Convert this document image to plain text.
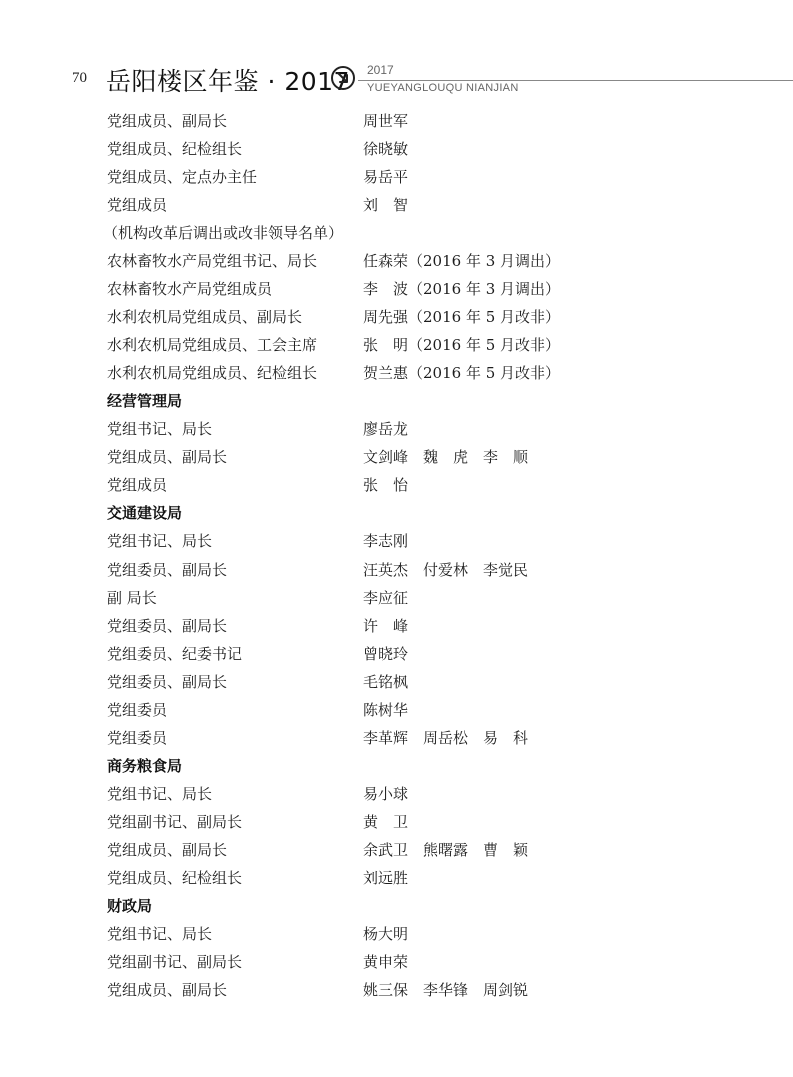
70 岳阳楼区年鉴 · 2017 2017
YUEYANGLOUQU NIANJIAN
党组成员、副局长	周世军
党组成员、纪检组长	徐晓敏
党组成员、定点办主任	易岳平
党组成员	刘　智
（机构改革后调出或改非领导名单）
农林畜牧水产局党组书记、局长	任森荣（2016 年 3 月调出）
农林畜牧水产局党组成员	李　波（2016 年 3 月调出）
水利农机局党组成员、副局长	周先强（2016 年 5 月改非）
水利农机局党组成员、工会主席	张　明（2016 年 5 月改非）
水利农机局党组成员、纪检组长	贺兰惠（2016 年 5 月改非）
经营管理局
党组书记、局长	廖岳龙
党组成员、副局长	文剑峰　魏　虎　李　顺
党组成员	张　怡
交通建设局
党组书记、局长	李志刚
党组委员、副局长	汪英杰　付爱林　李觉民
副 局长	李应征
党组委员、副局长	许　峰
党组委员、纪委书记	曾晓玲
党组委员、副局长	毛铭枫
党组委员	陈树华
党组委员	李革辉　周岳松　易　科
商务粮食局
党组书记、局长	易小球
党组副书记、副局长	黄　卫
党组成员、副局长	余武卫　熊曙露　曹　颖
党组成员、纪检组长	刘远胜
财政局
党组书记、局长	杨大明
党组副书记、副局长	黄申荣
党组成员、副局长	姚三保　李华锋　周剑锐
